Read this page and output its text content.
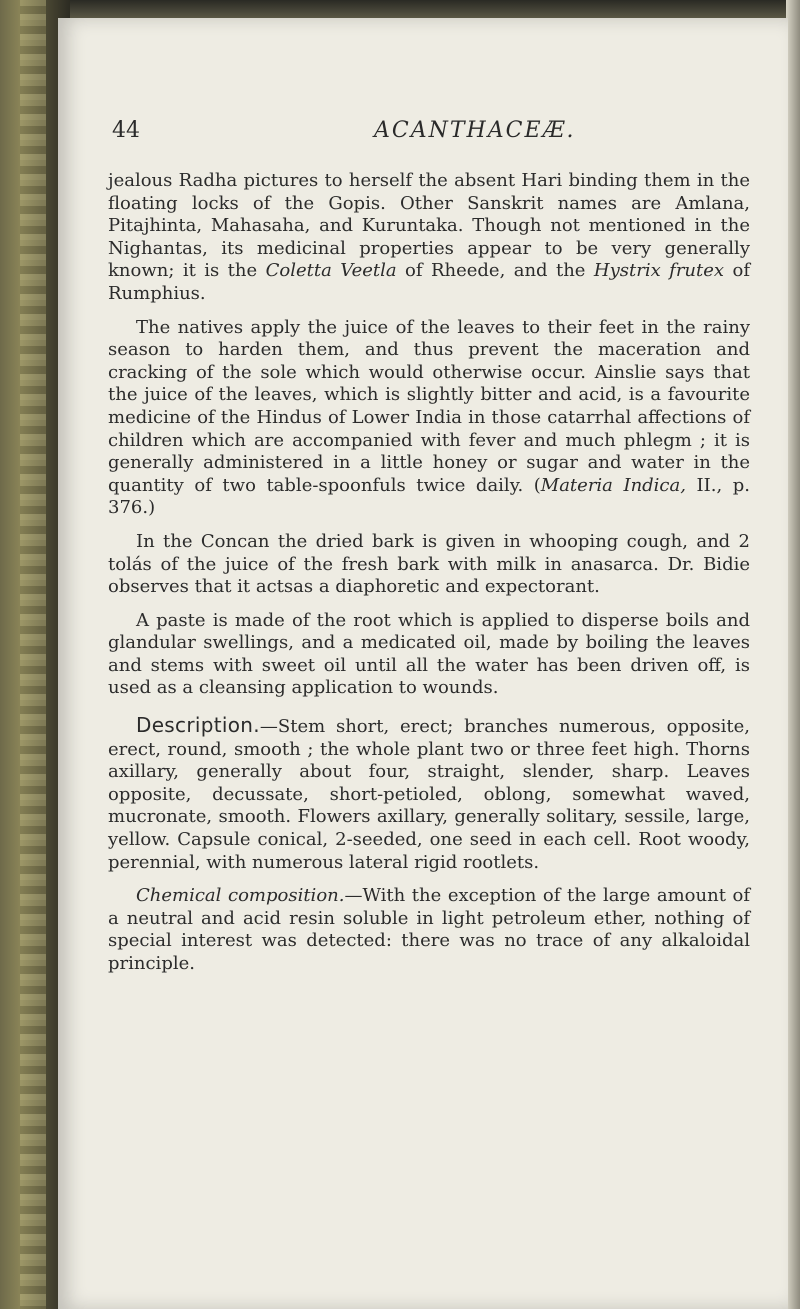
44	ACANTHACEÆ.

jealous Radha pictures to herself the absent Hari binding them in the floating locks of the Gopis. Other Sanskrit names are Amlana, Pitajhinta, Mahasaha, and Kuruntaka. Though not mentioned in the Nighantas, its medicinal properties appear to be very generally known; it is the Coletta Veetla of Rheede, and the Hystrix frutex of Rumphius.

The natives apply the juice of the leaves to their feet in the rainy season to harden them, and thus prevent the maceration and cracking of the sole which would otherwise occur. Ainslie says that the juice of the leaves, which is slightly bitter and acid, is a favourite medicine of the Hindus of Lower India in those catarrhal affections of children which are accompanied with fever and much phlegm ; it is generally administered in a little honey or sugar and water in the quantity of two table-spoonfuls twice daily. (Materia Indica, II., p. 376.)

In the Concan the dried bark is given in whooping cough, and 2 tolás of the juice of the fresh bark with milk in anasarca. Dr. Bidie observes that it actsas a diaphoretic and expectorant.

A paste is made of the root which is applied to disperse boils and glandular swellings, and a medicated oil, made by boiling the leaves and stems with sweet oil until all the water has been driven off, is used as a cleansing application to wounds.

Description.—Stem short, erect; branches numerous, opposite, erect, round, smooth ; the whole plant two or three feet high. Thorns axillary, generally about four, straight, slender, sharp. Leaves opposite, decussate, short-petioled, oblong, somewhat waved, mucronate, smooth. Flowers axillary, generally solitary, sessile, large, yellow. Capsule conical, 2-seeded, one seed in each cell. Root woody, perennial, with numerous lateral rigid rootlets.

Chemical composition.—With the exception of the large amount of a neutral and acid resin soluble in light petroleum ether, nothing of special interest was detected: there was no trace of any alkaloidal principle.
